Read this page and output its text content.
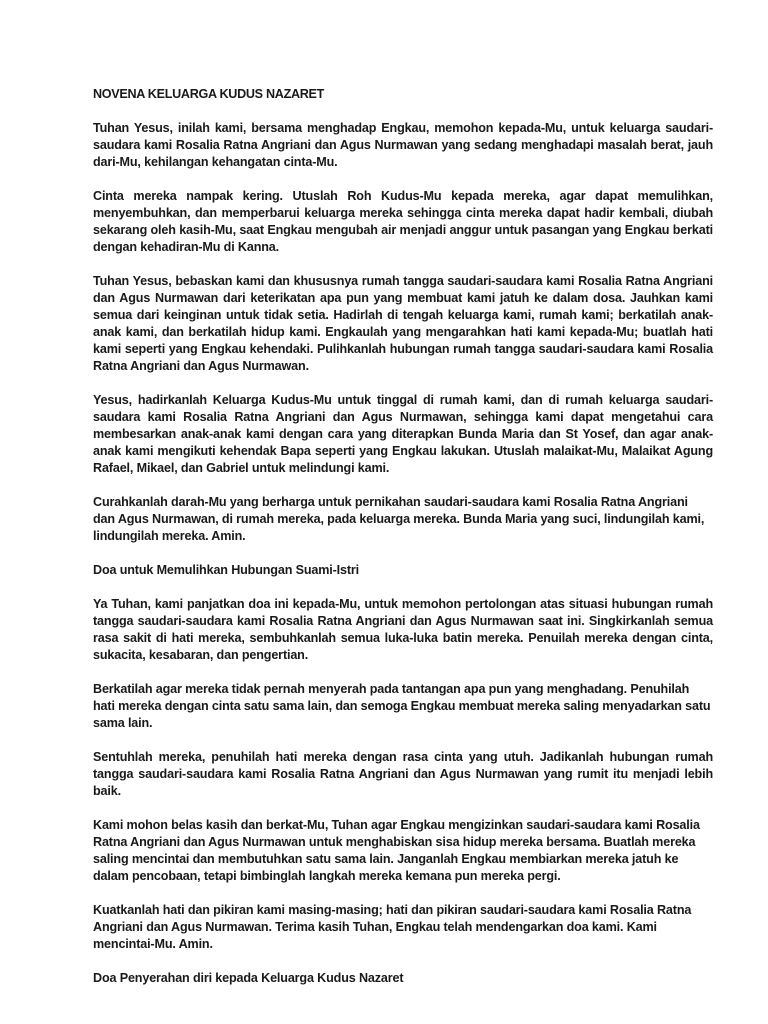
NOVENA KELUARGA KUDUS NAZARET

Tuhan Yesus, inilah kami, bersama menghadap Engkau, memohon kepada-Mu, untuk keluarga saudari-saudara kami Rosalia Ratna Angriani dan Agus Nurmawan yang sedang menghadapi masalah berat, jauh dari-Mu, kehilangan kehangatan cinta-Mu.

Cinta mereka nampak kering. Utuslah Roh Kudus-Mu kepada mereka, agar dapat memulihkan, menyembuhkan, dan memperbarui keluarga mereka sehingga cinta mereka dapat hadir kembali, diubah sekarang oleh kasih-Mu, saat Engkau mengubah air menjadi anggur untuk pasangan yang Engkau berkati dengan kehadiran-Mu di Kanna.

Tuhan Yesus, bebaskan kami dan khususnya rumah tangga saudari-saudara kami Rosalia Ratna Angriani dan Agus Nurmawan dari keterikatan apa pun yang membuat kami jatuh ke dalam dosa. Jauhkan kami semua dari keinginan untuk tidak setia. Hadirlah di tengah keluarga kami, rumah kami; berkatilah anak-anak kami, dan berkatilah hidup kami. Engkaulah yang mengarahkan hati kami kepada-Mu; buatlah hati kami seperti yang Engkau kehendaki. Pulihkanlah hubungan rumah tangga saudari-saudara kami Rosalia Ratna Angriani dan Agus Nurmawan.

Yesus, hadirkanlah Keluarga Kudus-Mu untuk tinggal di rumah kami, dan di rumah keluarga saudari-saudara kami Rosalia Ratna Angriani dan Agus Nurmawan, sehingga kami dapat mengetahui cara membesarkan anak-anak kami dengan cara yang diterapkan Bunda Maria dan St Yosef, dan agar anak-anak kami mengikuti kehendak Bapa seperti yang Engkau lakukan. Utuslah malaikat-Mu, Malaikat Agung Rafael, Mikael, dan Gabriel untuk melindungi kami.

Curahkanlah darah-Mu yang berharga untuk pernikahan saudari-saudara kami Rosalia Ratna Angriani dan Agus Nurmawan, di rumah mereka, pada keluarga mereka. Bunda Maria yang suci, lindungilah kami, lindungilah mereka. Amin.

Doa untuk Memulihkan Hubungan Suami-Istri

Ya Tuhan, kami panjatkan doa ini kepada-Mu, untuk memohon pertolongan atas situasi hubungan rumah tangga saudari-saudara kami Rosalia Ratna Angriani dan Agus Nurmawan saat ini. Singkirkanlah semua rasa sakit di hati mereka, sembuhkanlah semua luka-luka batin mereka. Penuilah mereka dengan cinta, sukacita, kesabaran, dan pengertian.

Berkatilah agar mereka tidak pernah menyerah pada tantangan apa pun yang menghadang. Penuhilah hati mereka dengan cinta satu sama lain, dan semoga Engkau membuat mereka saling menyadarkan satu sama lain.

Sentuhlah mereka, penuhilah hati mereka dengan rasa cinta yang utuh. Jadikanlah hubungan rumah tangga saudari-saudara kami Rosalia Ratna Angriani dan Agus Nurmawan yang rumit itu menjadi lebih baik.

Kami mohon belas kasih dan berkat-Mu, Tuhan agar Engkau mengizinkan saudari-saudara kami Rosalia Ratna Angriani dan Agus Nurmawan untuk menghabiskan sisa hidup mereka bersama. Buatlah mereka saling mencintai dan membutuhkan satu sama lain. Janganlah Engkau membiarkan mereka jatuh ke dalam pencobaan, tetapi bimbinglah langkah mereka kemana pun mereka pergi.

Kuatkanlah hati dan pikiran kami masing-masing; hati dan pikiran saudari-saudara kami Rosalia Ratna Angriani dan Agus Nurmawan. Terima kasih Tuhan, Engkau telah mendengarkan doa kami. Kami mencintai-Mu. Amin.

Doa Penyerahan diri kepada Keluarga Kudus Nazaret
